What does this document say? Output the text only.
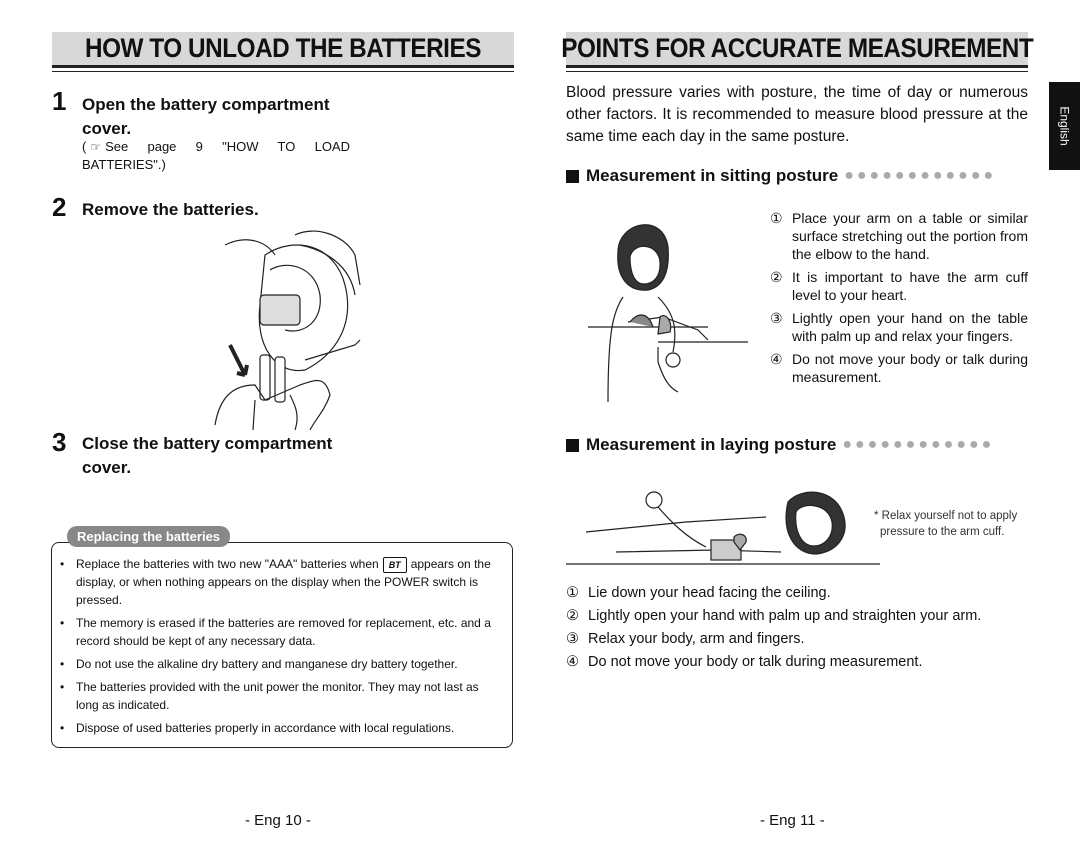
HOW TO UNLOAD THE BATTERIES
1 Open the battery compartment
cover.
( ☞ See page 9 "HOW TO LOAD
BATTERIES".)
2 Remove the batteries.
3 Close the battery compartment
cover.
Replacing the batteries
• Replace the batteries with two new "AAA" batteries when BT appears on the display, or when nothing appears on the display when the POWER switch is pressed.
• The memory is erased if the batteries are removed for replacement, etc. and a record should be kept of any necessary data.
• Do not use the alkaline dry battery and manganese dry battery together.
• The batteries provided with the unit power the monitor. They may not last as long as indicated.
• Dispose of used batteries properly in accordance with local regulations.
- Eng 10 -
POINTS FOR ACCURATE MEASUREMENT
Blood pressure varies with posture, the time of day or numerous other factors. It is recommended to measure blood pressure at the same time each day in the same posture.
Measurement in sitting posture ●●●●●●●●●●●●
① Place your arm on a table or similar surface stretching out the portion from the elbow to the hand.
② It is important to have the arm cuff level to your heart.
③ Lightly open your hand on the table with palm up and relax your fingers.
④ Do not move your body or talk during measurement.
Measurement in laying posture ●●●●●●●●●●●●
* Relax yourself not to apply
pressure to the arm cuff.
① Lie down your head facing the ceiling.
② Lightly open your hand with palm up and straighten your arm.
③ Relax your body, arm and fingers.
④ Do not move your body or talk during measurement.
English
- Eng 11 -
